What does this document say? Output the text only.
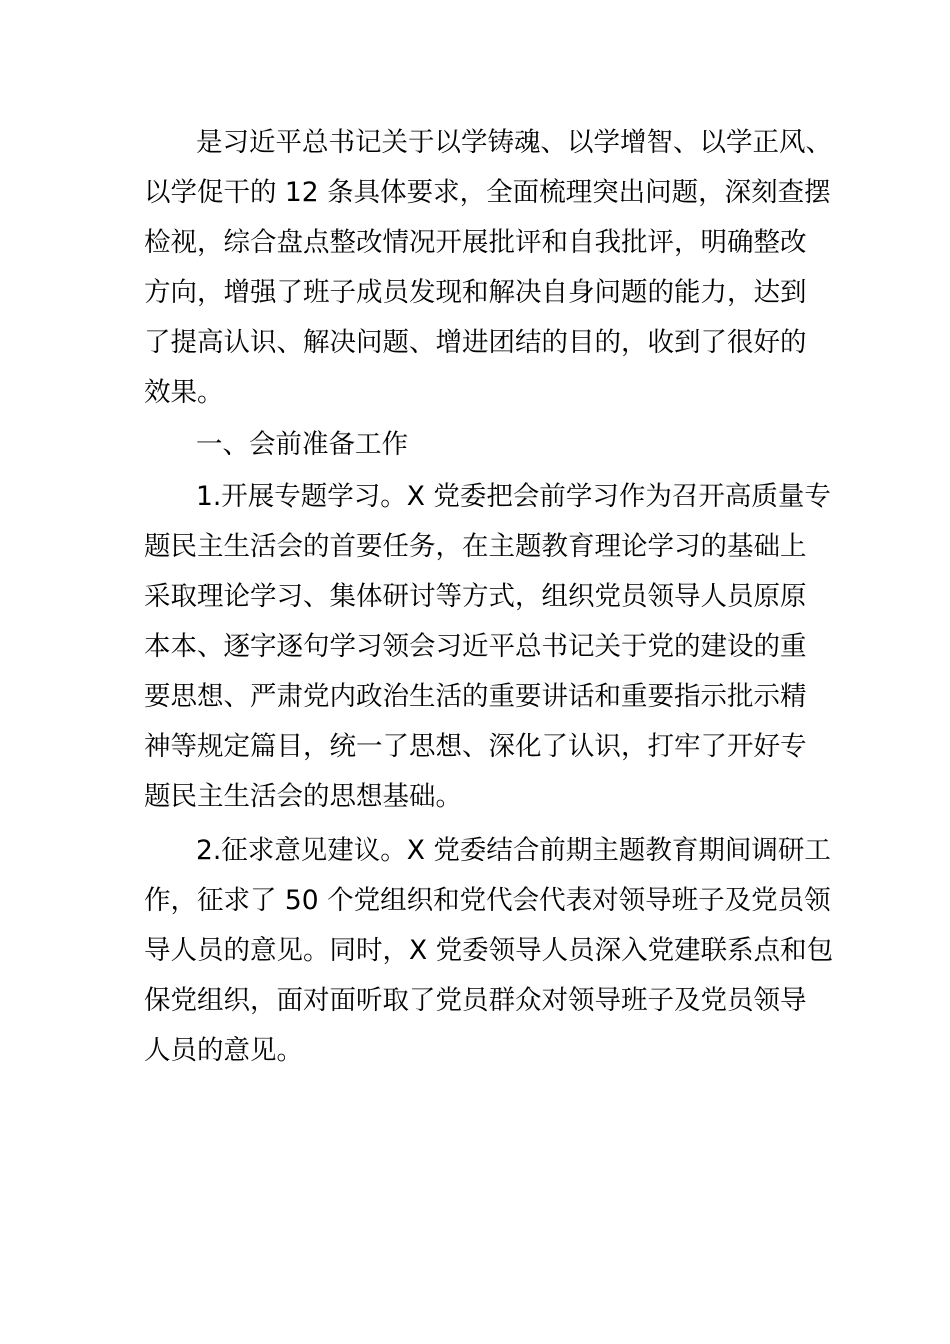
是习近平总书记关于以学铸魂、以学增智、以学正风、
以学促干的 12 条具体要求，全面梳理突出问题，深刻查摆
检视，综合盘点整改情况开展批评和自我批评，明确整改
方向，增强了班子成员发现和解决自身问题的能力，达到
了提高认识、解决问题、增进团结的目的，收到了很好的
效果。
一、会前准备工作
1.开展专题学习。X 党委把会前学习作为召开高质量专
题民主生活会的首要任务，在主题教育理论学习的基础上
采取理论学习、集体研讨等方式，组织党员领导人员原原
本本、逐字逐句学习领会习近平总书记关于党的建设的重
要思想、严肃党内政治生活的重要讲话和重要指示批示精
神等规定篇目，统一了思想、深化了认识，打牢了开好专
题民主生活会的思想基础。
2.征求意见建议。X 党委结合前期主题教育期间调研工
作，征求了 50 个党组织和党代会代表对领导班子及党员领
导人员的意见。同时，X 党委领导人员深入党建联系点和包
保党组织，面对面听取了党员群众对领导班子及党员领导
人员的意见。
